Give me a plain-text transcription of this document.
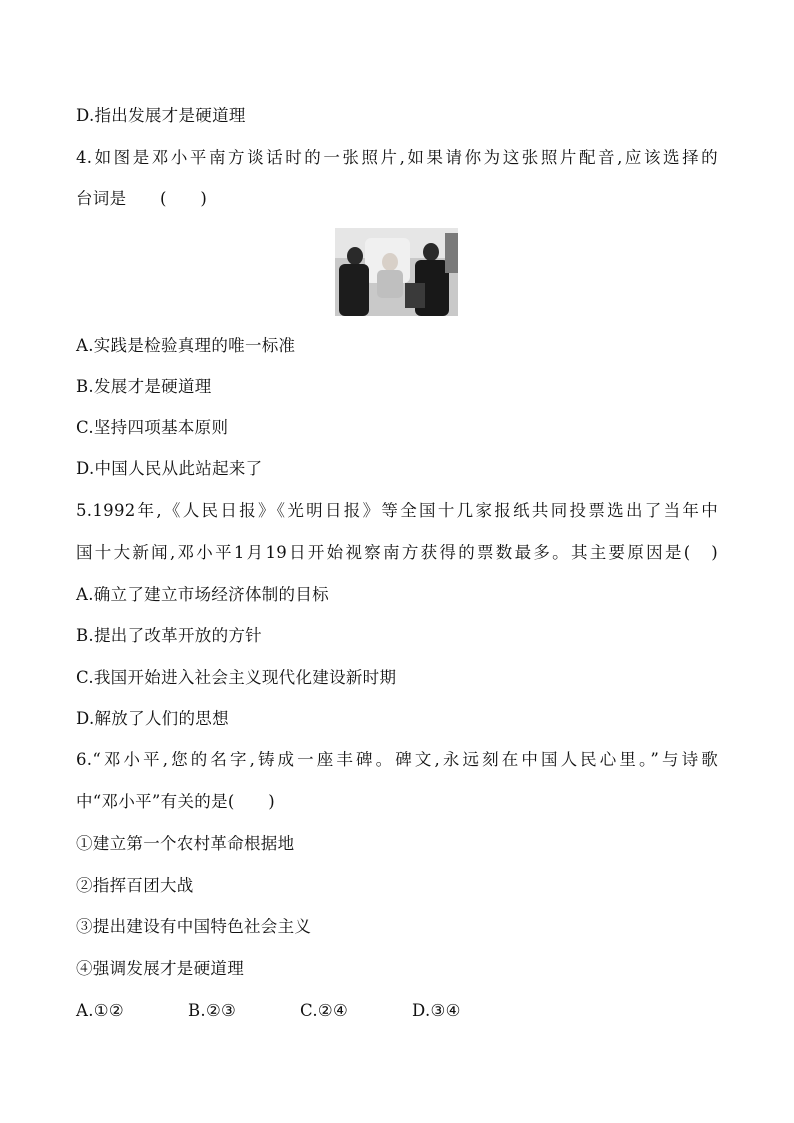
D.指出发展才是硬道理
4.如图是邓小平南方谈话时的一张照片,如果请你为这张照片配音,应该选择的
台词是　　(　　)
A.实践是检验真理的唯一标准
B.发展才是硬道理
C.坚持四项基本原则
D.中国人民从此站起来了
5.1992年,《人民日报》《光明日报》等全国十几家报纸共同投票选出了当年中
国十大新闻,邓小平1月19日开始视察南方获得的票数最多。其主要原因是(　)
A.确立了建立市场经济体制的目标
B.提出了改革开放的方针
C.我国开始进入社会主义现代化建设新时期
D.解放了人们的思想
6.“邓小平,您的名字,铸成一座丰碑。碑文,永远刻在中国人民心里。”与诗歌
中“邓小平”有关的是(　　)
①建立第一个农村革命根据地
②指挥百团大战
③提出建设有中国特色社会主义
④强调发展才是硬道理
A.①②	B.②③	C.②④	D.③④
